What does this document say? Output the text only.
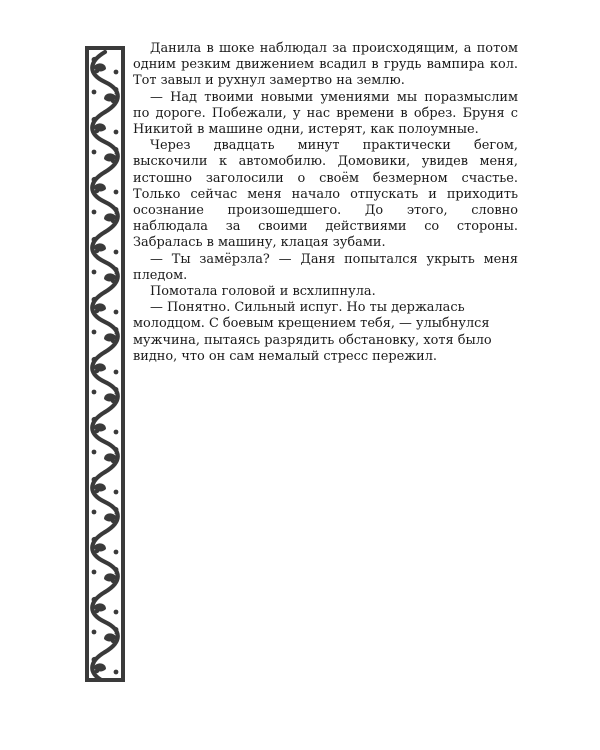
Данила в шоке наблюдал за происходящим, а потом одним резким движением всадил в грудь вампира кол. Тот завыл и рухнул замертво на землю.

— Над твоими новыми умениями мы поразмыслим по дороге. Побежали, у нас времени в обрез. Бруня с Никитой в машине одни, истерят, как полоумные.

Через двадцать минут практически бегом, выскочили к автомобилю. Домовики, увидев меня, истошно заголосили о своём безмерном счастье. Только сейчас меня начало отпускать и приходить осознание произошедшего. До этого, словно наблюдала за своими действиями со стороны. Забралась в машину, клацая зубами.

— Ты замёрзла? — Даня попытался укрыть меня пледом.

Помотала головой и всхлипнула.

— Понятно. Сильный испуг. Но ты держалась молодцом. С боевым крещением тебя, — улыбнулся мужчина, пытаясь разрядить обстановку, хотя было видно, что он сам немалый стресс пережил.
